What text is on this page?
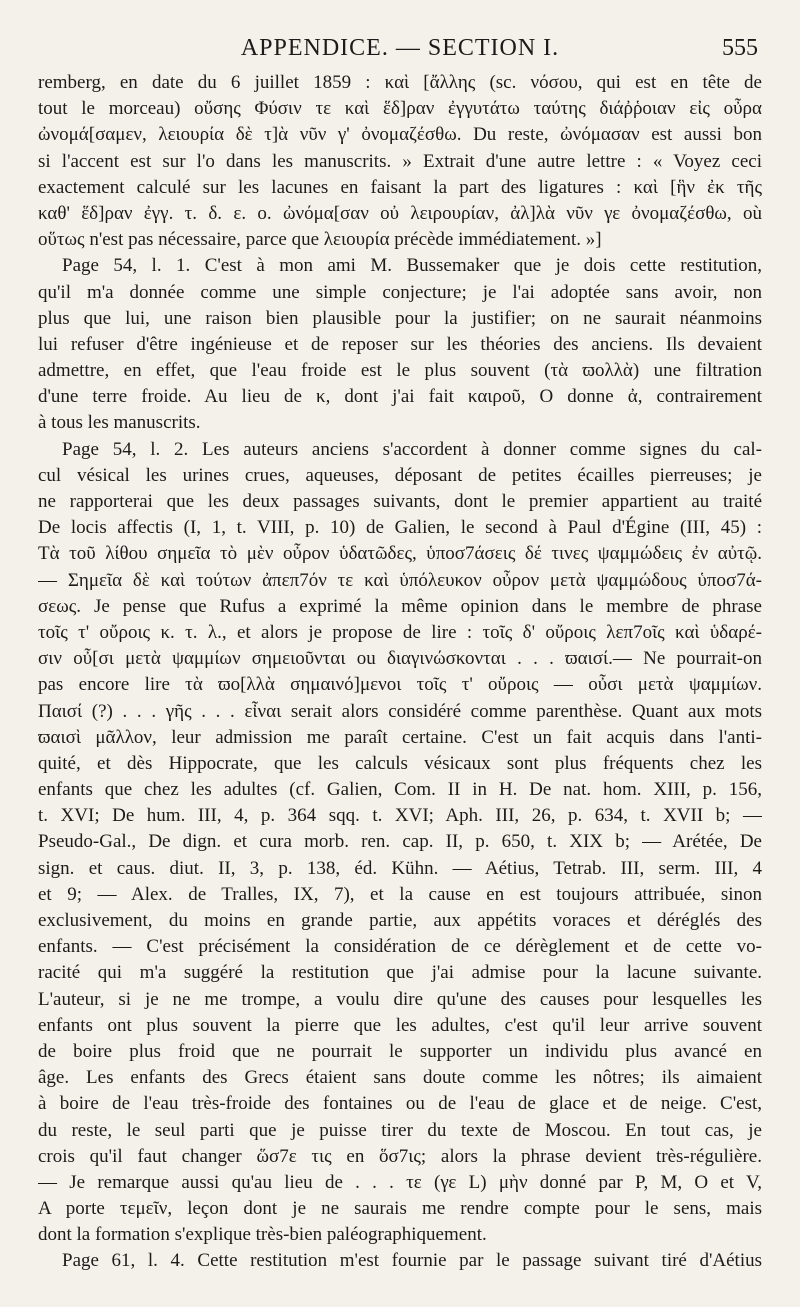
APPENDICE. — SECTION I.	555
remberg, en date du 6 juillet 1859 : καὶ [ἄλλης (sc. νόσου, qui est en tête de
tout le morceau) οὔσης Φύσιν τε καὶ ἕδ]ραν ἐγγυτάτω ταύτης διάῤῥοιαν εἰς οὖρα
ὠνομά[σαμεν, λειουρία δὲ τ]ὰ νῦν γ' ὀνομαζέσθω. Du reste, ὠνόμασαν est aussi bon
si l'accent est sur l'o dans les manuscrits. » Extrait d'une autre lettre : « Voyez ceci
exactement calculé sur les lacunes en faisant la part des ligatures : καὶ [ἣν ἐκ τῆς
καθ' ἕδ]ραν ἐγγ. τ. δ. ε. ο. ὠνόμα[σαν οὐ λειρουρίαν, ἀλ]λὰ νῦν γε ὀνομαζέσθω, où
οὕτως n'est pas nécessaire, parce que λειουρία précède immédiatement. »]
Page 54, l. 1. C'est à mon ami M. Bussemaker que je dois cette restitution,
qu'il m'a donnée comme une simple conjecture; je l'ai adoptée sans avoir, non
plus que lui, une raison bien plausible pour la justifier; on ne saurait néanmoins
lui refuser d'être ingénieuse et de reposer sur les théories des anciens. Ils devaient
admettre, en effet, que l'eau froide est le plus souvent (τὰ ϖολλὰ) une filtration
d'une terre froide. Au lieu de κ, dont j'ai fait καιροῦ, O donne ἀ, contrairement
à tous les manuscrits.
Page 54, l. 2. Les auteurs anciens s'accordent à donner comme signes du cal-
cul vésical les urines crues, aqueuses, déposant de petites écailles pierreuses; je
ne rapporterai que les deux passages suivants, dont le premier appartient au traité
De locis affectis (I, 1, t. VIII, p. 10) de Galien, le second à Paul d'Égine (III, 45) :
Τὰ τοῦ λίθου σημεῖα τὸ μὲν οὖρον ὑδατῶδες, ὑποσ7άσεις δέ τινες ψαμμώδεις ἐν αὐτῷ.
— Σημεῖα δὲ καὶ τούτων ἀπεπ7όν τε καὶ ὑπόλευκον οὖρον μετὰ ψαμμώδους ὑποσ7ά-
σεως. Je pense que Rufus a exprimé la même opinion dans le membre de phrase
τοῖς τ' οὔροις κ. τ. λ., et alors je propose de lire : τοῖς δ' οὔροις λεπ7οῖς καὶ ὑδαρέ-
σιν οὖ[σι μετὰ ψαμμίων σημειοῦνται ou διαγινώσκονται . . . ϖαισί.— Ne pourrait-on
pas encore lire τὰ ϖο[λλὰ σημαινό]μενοι τοῖς τ' οὔροις — οὖσι μετὰ ψαμμίων.
Παισί (?) . . . γῆς . . . εἶναι serait alors considéré comme parenthèse. Quant aux mots
ϖαισὶ μᾶλλον, leur admission me paraît certaine. C'est un fait acquis dans l'anti-
quité, et dès Hippocrate, que les calculs vésicaux sont plus fréquents chez les
enfants que chez les adultes (cf. Galien, Com. II in H. De nat. hom. XIII, p. 156,
t. XVI; De hum. III, 4, p. 364 sqq. t. XVI; Aph. III, 26, p. 634, t. XVII b; —
Pseudo-Gal., De dign. et cura morb. ren. cap. II, p. 650, t. XIX b; — Arétée, De
sign. et caus. diut. II, 3, p. 138, éd. Kühn. — Aétius, Tetrab. III, serm. III, 4
et 9; — Alex. de Tralles, IX, 7), et la cause en est toujours attribuée, sinon
exclusivement, du moins en grande partie, aux appétits voraces et déréglés des
enfants. — C'est précisément la considération de ce dérèglement et de cette vo-
racité qui m'a suggéré la restitution que j'ai admise pour la lacune suivante.
L'auteur, si je ne me trompe, a voulu dire qu'une des causes pour lesquelles les
enfants ont plus souvent la pierre que les adultes, c'est qu'il leur arrive souvent
de boire plus froid que ne pourrait le supporter un individu plus avancé en
âge. Les enfants des Grecs étaient sans doute comme les nôtres; ils aimaient
à boire de l'eau très-froide des fontaines ou de l'eau de glace et de neige. C'est,
du reste, le seul parti que je puisse tirer du texte de Moscou. En tout cas, je
crois qu'il faut changer ὥσ7ε τις en ὅσ7ις; alors la phrase devient très-régulière.
— Je remarque aussi qu'au lieu de . . . τε (γε L) μὴν donné par P, M, O et V,
A porte τεμεῖν, leçon dont je ne saurais me rendre compte pour le sens, mais
dont la formation s'explique très-bien paléographiquement.
Page 61, l. 4. Cette restitution m'est fournie par le passage suivant tiré d'Aétius
